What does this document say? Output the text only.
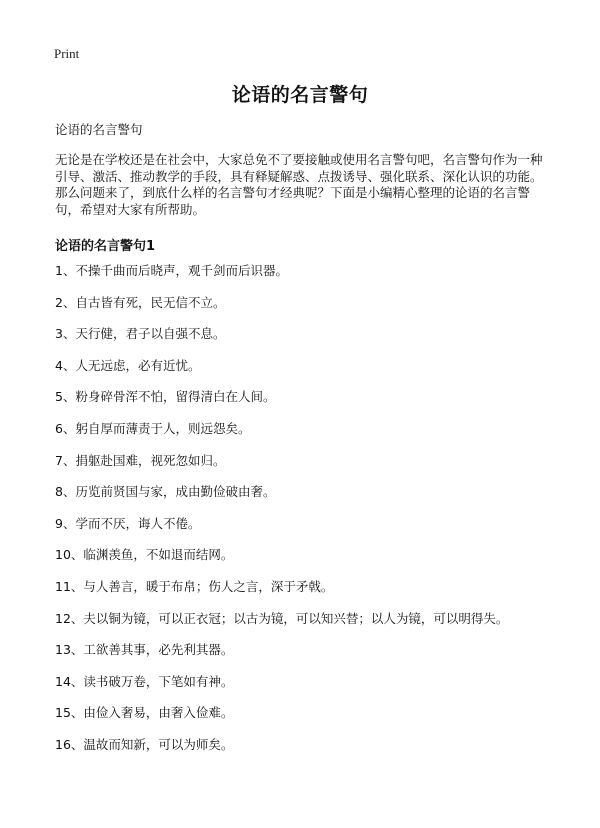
Print
论语的名言警句
论语的名言警句
无论是在学校还是在社会中，大家总免不了要接触或使用名言警句吧，名言警句作为一种引导、激活、推动教学的手段，具有释疑解惑、点拨诱导、强化联系、深化认识的功能。那么问题来了，到底什么样的名言警句才经典呢？下面是小编精心整理的论语的名言警句，希望对大家有所帮助。
论语的名言警句1
1、不操千曲而后晓声，观千剑而后识器。
2、自古皆有死，民无信不立。
3、天行健，君子以自强不息。
4、人无远虑，必有近忧。
5、粉身碎骨浑不怕，留得清白在人间。
6、躬自厚而薄责于人，则远怨矣。
7、捐躯赴国难，视死忽如归。
8、历览前贤国与家，成由勤俭破由奢。
9、学而不厌，诲人不倦。
10、临渊羡鱼，不如退而结网。
11、与人善言，暖于布帛；伤人之言，深于矛戟。
12、夫以铜为镜，可以正衣冠；以古为镜，可以知兴替；以人为镜，可以明得失。
13、工欲善其事，必先利其器。
14、读书破万卷，下笔如有神。
15、由俭入奢易，由奢入俭难。
16、温故而知新，可以为师矣。
